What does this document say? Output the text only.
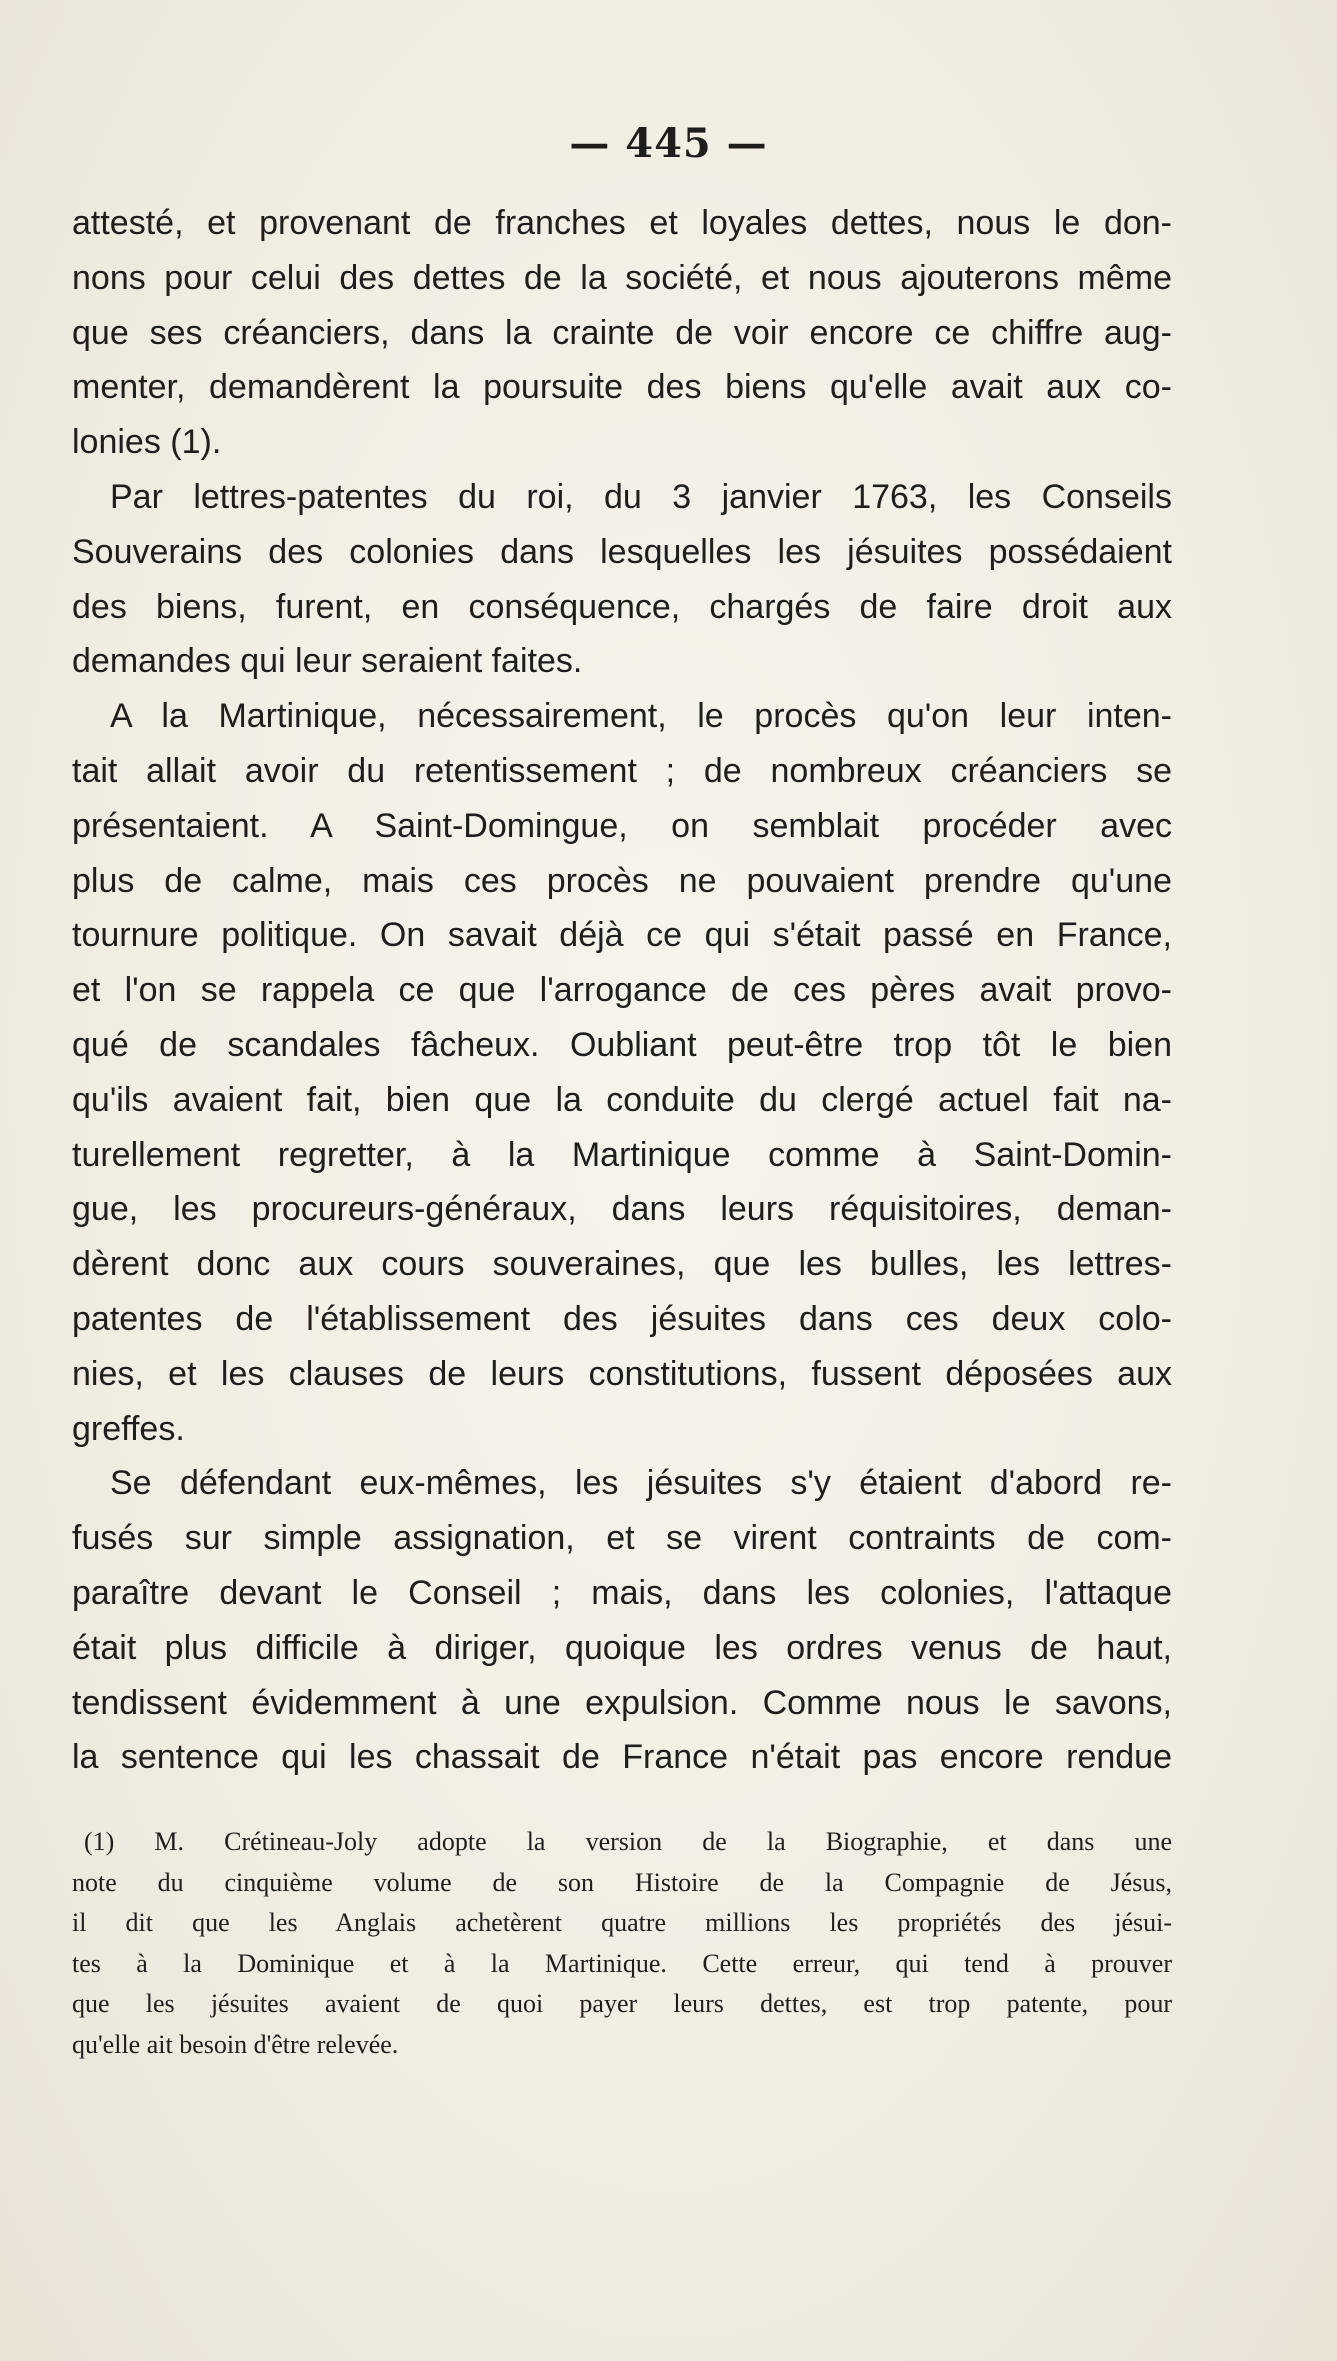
— 445 —
attesté, et provenant de franches et loyales dettes, nous le don-
nons pour celui des dettes de la société, et nous ajouterons même
que ses créanciers, dans la crainte de voir encore ce chiffre aug-
menter, demandèrent la poursuite des biens qu'elle avait aux co-
lonies (1).
Par lettres-patentes du roi, du 3 janvier 1763, les Conseils
Souverains des colonies dans lesquelles les jésuites possédaient
des biens, furent, en conséquence, chargés de faire droit aux
demandes qui leur seraient faites.
A la Martinique, nécessairement, le procès qu'on leur inten-
tait allait avoir du retentissement ; de nombreux créanciers se
présentaient. A Saint-Domingue, on semblait procéder avec
plus de calme, mais ces procès ne pouvaient prendre qu'une
tournure politique. On savait déjà ce qui s'était passé en France,
et l'on se rappela ce que l'arrogance de ces pères avait provo-
qué de scandales fâcheux. Oubliant peut-être trop tôt le bien
qu'ils avaient fait, bien que la conduite du clergé actuel fait na-
turellement regretter, à la Martinique comme à Saint-Domin-
gue, les procureurs-généraux, dans leurs réquisitoires, deman-
dèrent donc aux cours souveraines, que les bulles, les lettres-
patentes de l'établissement des jésuites dans ces deux colo-
nies, et les clauses de leurs constitutions, fussent déposées aux
greffes.
Se défendant eux-mêmes, les jésuites s'y étaient d'abord re-
fusés sur simple assignation, et se virent contraints de com-
paraître devant le Conseil ; mais, dans les colonies, l'attaque
était plus difficile à diriger, quoique les ordres venus de haut,
tendissent évidemment à une expulsion. Comme nous le savons,
la sentence qui les chassait de France n'était pas encore rendue
(1) M. Crétineau-Joly adopte la version de la Biographie, et dans une
note du cinquième volume de son Histoire de la Compagnie de Jésus,
il dit que les Anglais achetèrent quatre millions les propriétés des jésui-
tes à la Dominique et à la Martinique. Cette erreur, qui tend à prouver
que les jésuites avaient de quoi payer leurs dettes, est trop patente, pour
qu'elle ait besoin d'être relevée.
